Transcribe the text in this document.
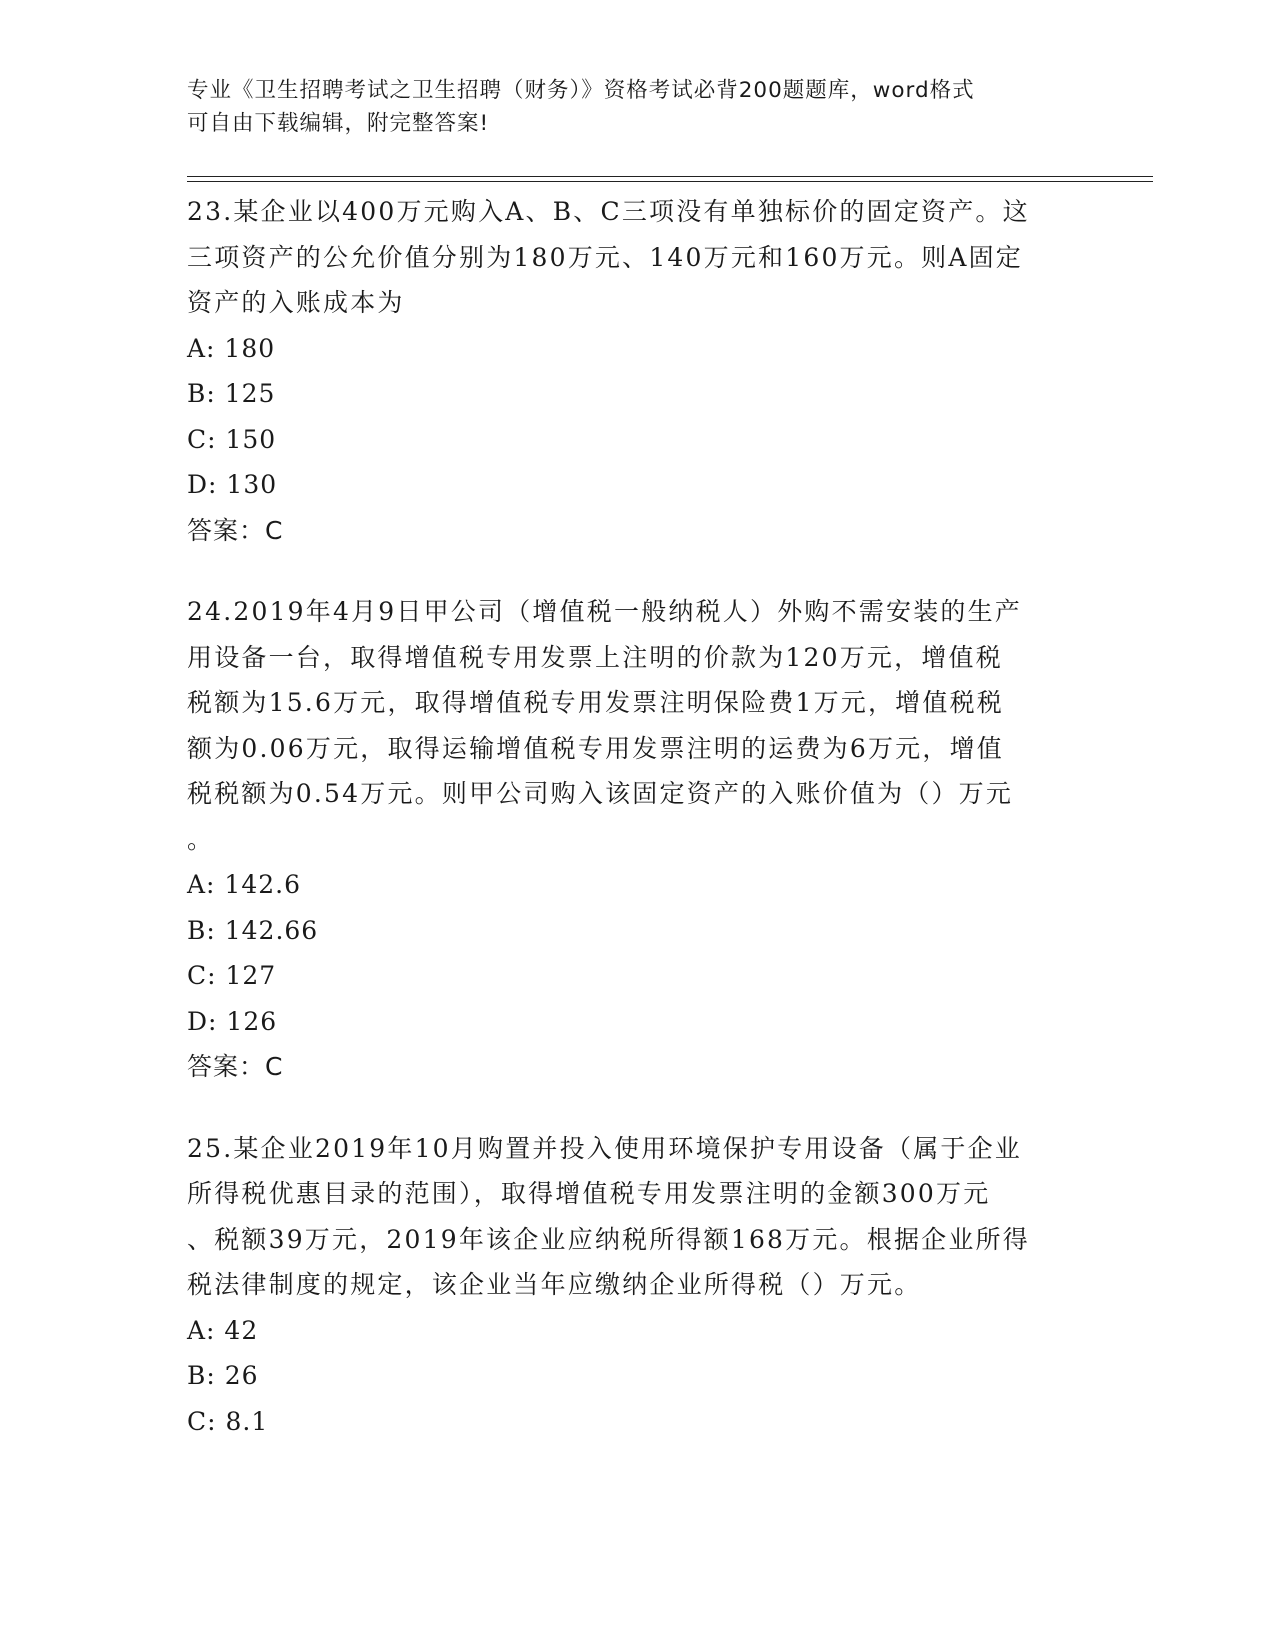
专业《卫生招聘考试之卫生招聘（财务）》资格考试必背200题题库，word格式
可自由下载编辑，附完整答案!
23.某企业以400万元购入A、B、C三项没有单独标价的固定资产。这
三项资产的公允价值分别为180万元、140万元和160万元。则A固定
资产的入账成本为
A: 180
B: 125
C: 150
D: 130
答案：C
24.2019年4月9日甲公司（增值税一般纳税人）外购不需安装的生产
用设备一台，取得增值税专用发票上注明的价款为120万元，增值税
税额为15.6万元，取得增值税专用发票注明保险费1万元，增值税税
额为0.06万元，取得运输增值税专用发票注明的运费为6万元，增值
税税额为0.54万元。则甲公司购入该固定资产的入账价值为（）万元
。
A: 142.6
B: 142.66
C: 127
D: 126
答案：C
25.某企业2019年10月购置并投入使用环境保护专用设备（属于企业
所得税优惠目录的范围），取得增值税专用发票注明的金额300万元
、税额39万元，2019年该企业应纳税所得额168万元。根据企业所得
税法律制度的规定，该企业当年应缴纳企业所得税（）万元。
A: 42
B: 26
C: 8.1
